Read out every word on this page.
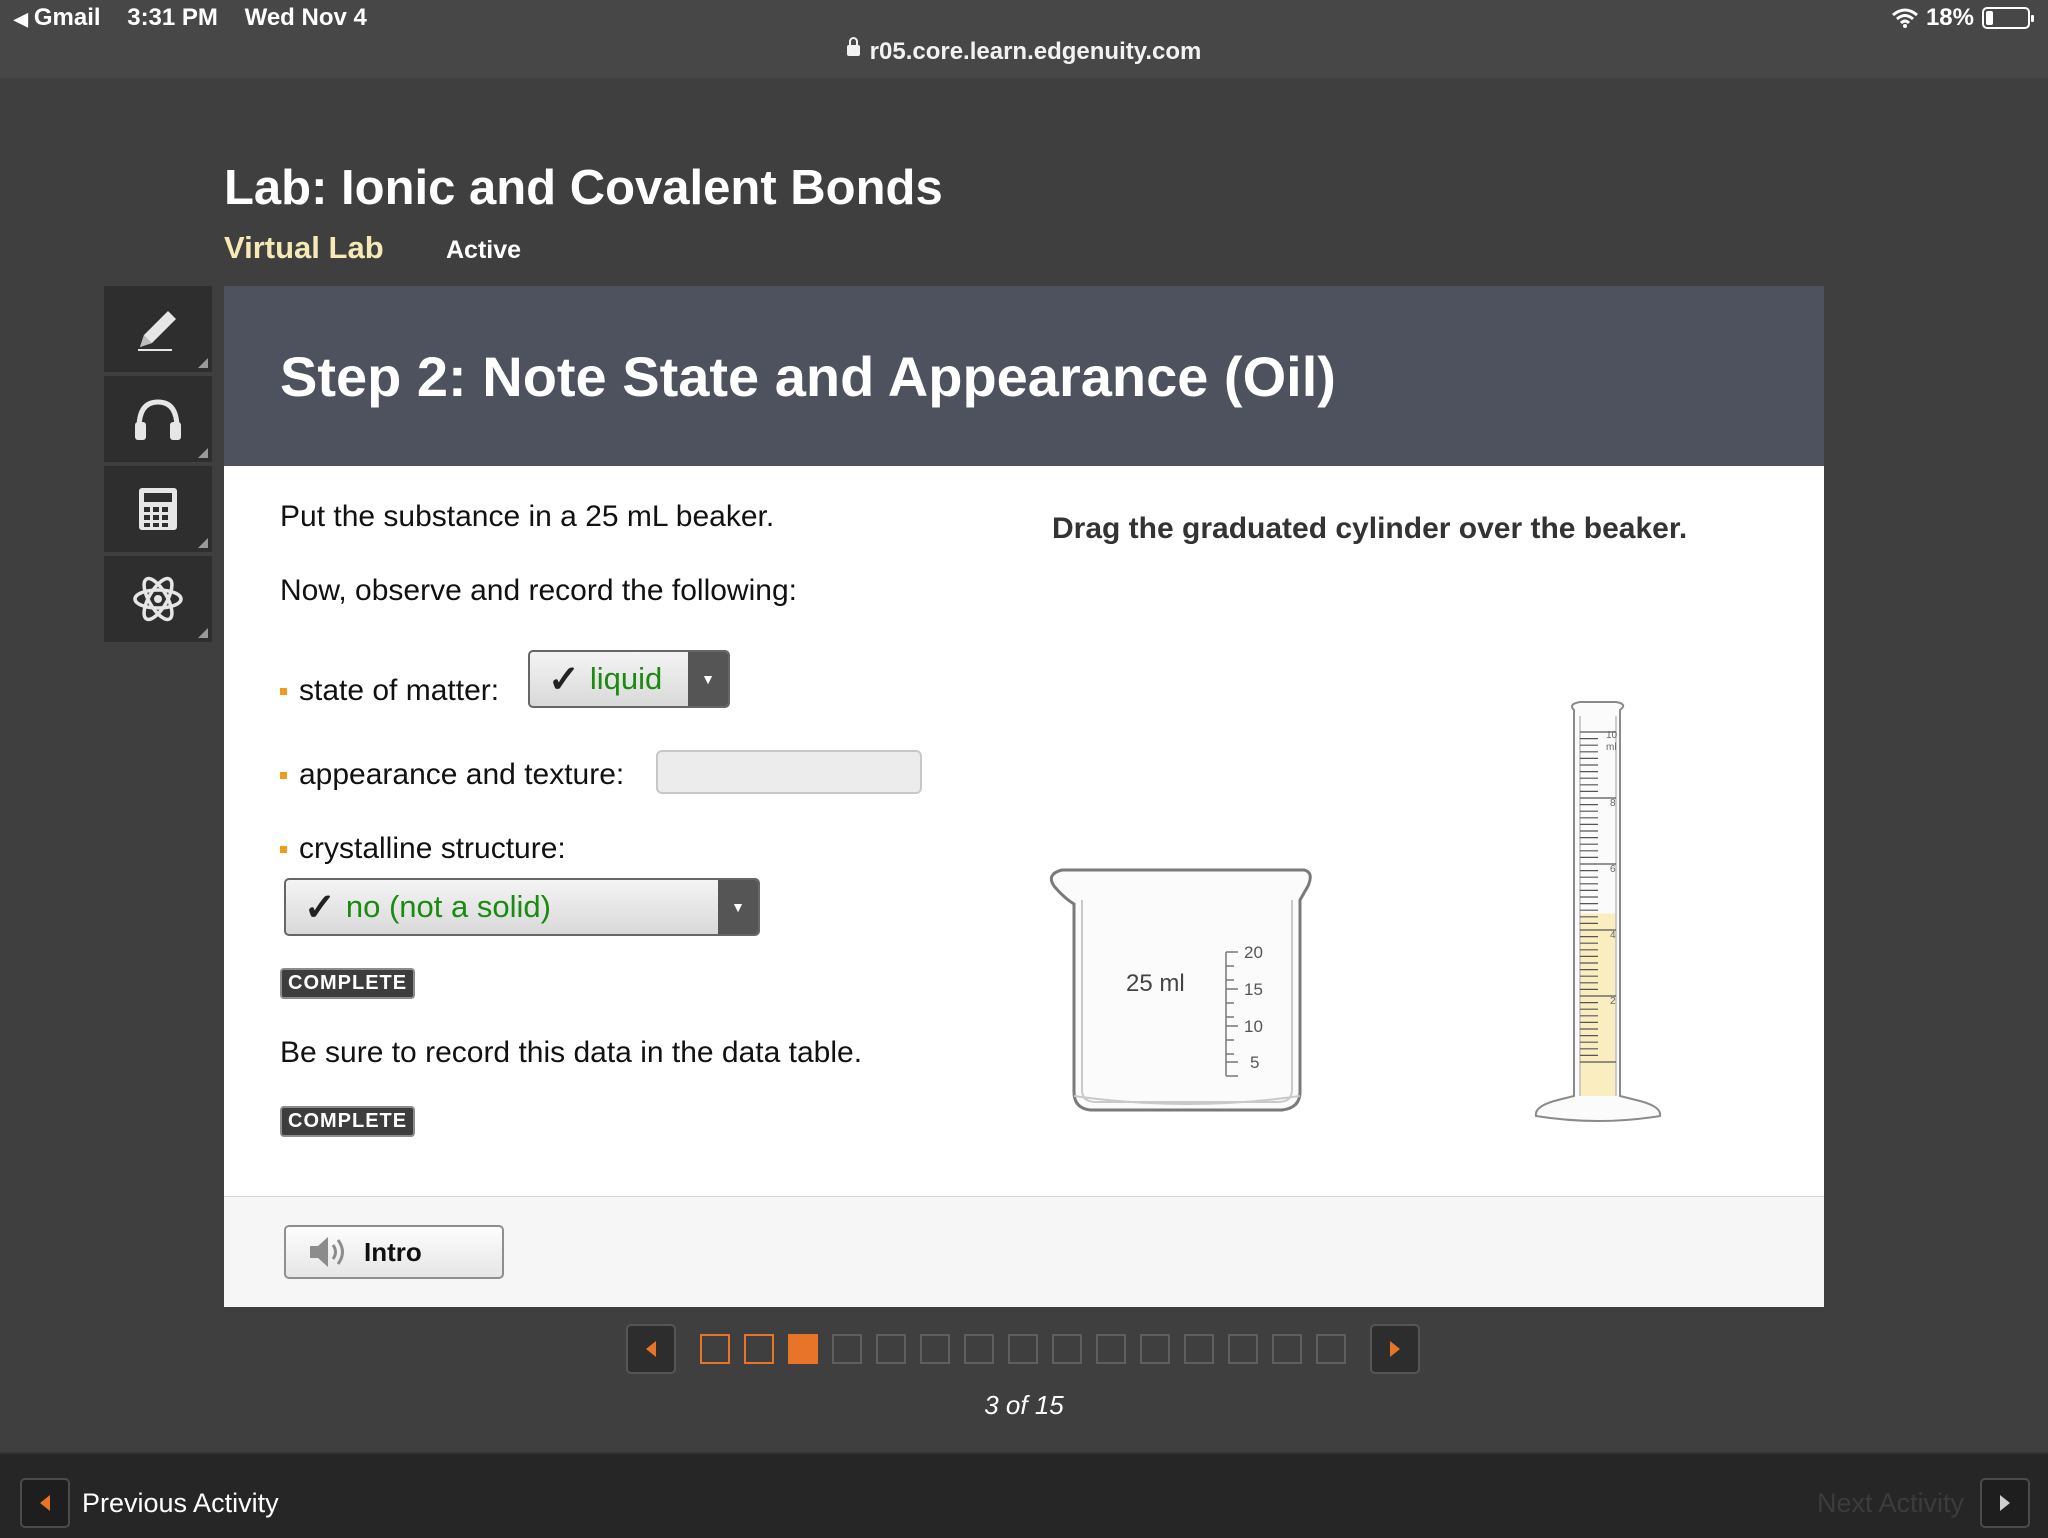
◀ Gmail 3:31 PM Wed Nov 4	18%
r05.core.learn.edgenuity.com
Lab: Ionic and Covalent Bonds
Virtual Lab Active
Step 2: Note State and Appearance (Oil)
Put the substance in a 25 mL beaker.
Now, observe and record the following:
state of matter: ✓ liquid	▼
appearance and texture:
crystalline structure:
✓ no (not a solid)	▼
COMPLETE
Be sure to record this data in the data table.
COMPLETE
Drag the graduated cylinder over the beaker.
25 ml
20
15
10
5
10
ml
8
6
4
2
Intro
3 of 15
Previous Activity	Next Activity
